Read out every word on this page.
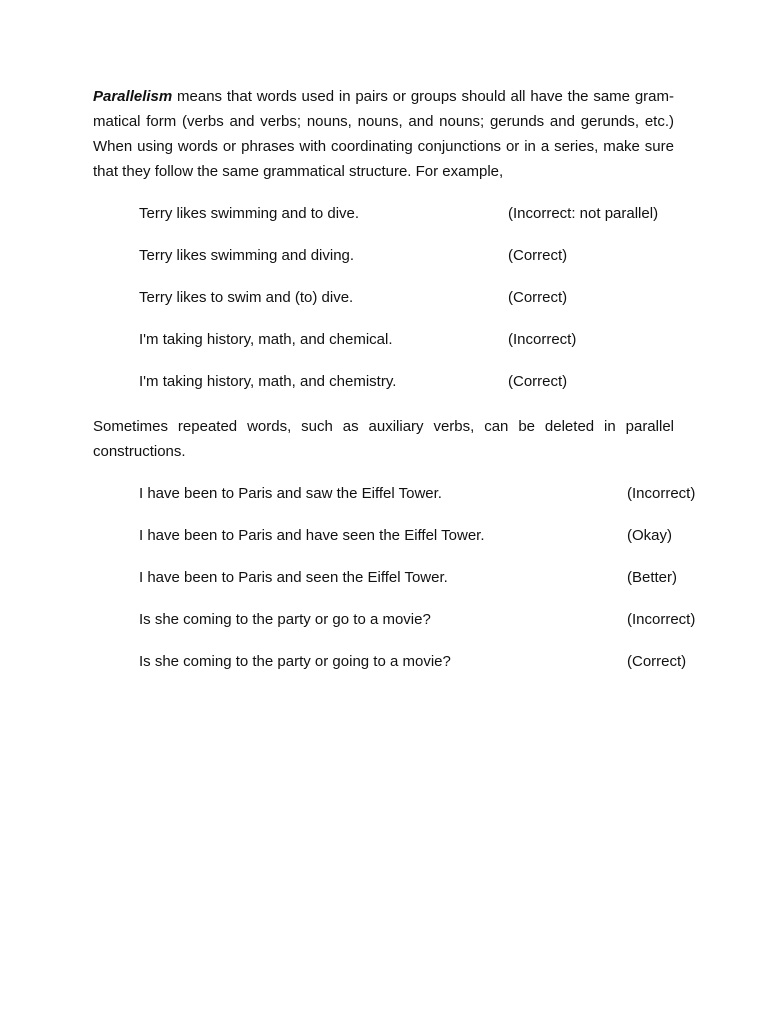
Parallelism means that words used in pairs or groups should all have the same gram-matical form (verbs and verbs; nouns, nouns, and nouns; gerunds and gerunds, etc.) When using words or phrases with coordinating conjunctions or in a series, make sure that they follow the same grammatical structure. For example,

Terry likes swimming and to dive.	(Incorrect: not parallel)
Terry likes swimming and diving.	(Correct)
Terry likes to swim and (to) dive.	(Correct)
I'm taking history, math, and chemical.	(Incorrect)
I'm taking history, math, and chemistry.	(Correct)

Sometimes repeated words, such as auxiliary verbs, can be deleted in parallel constructions.

I have been to Paris and saw the Eiffel Tower.	(Incorrect)
I have been to Paris and have seen the Eiffel Tower.	(Okay)
I have been to Paris and seen the Eiffel Tower.	(Better)
Is she coming to the party or go to a movie?	(Incorrect)
Is she coming to the party or going to a movie?	(Correct)
